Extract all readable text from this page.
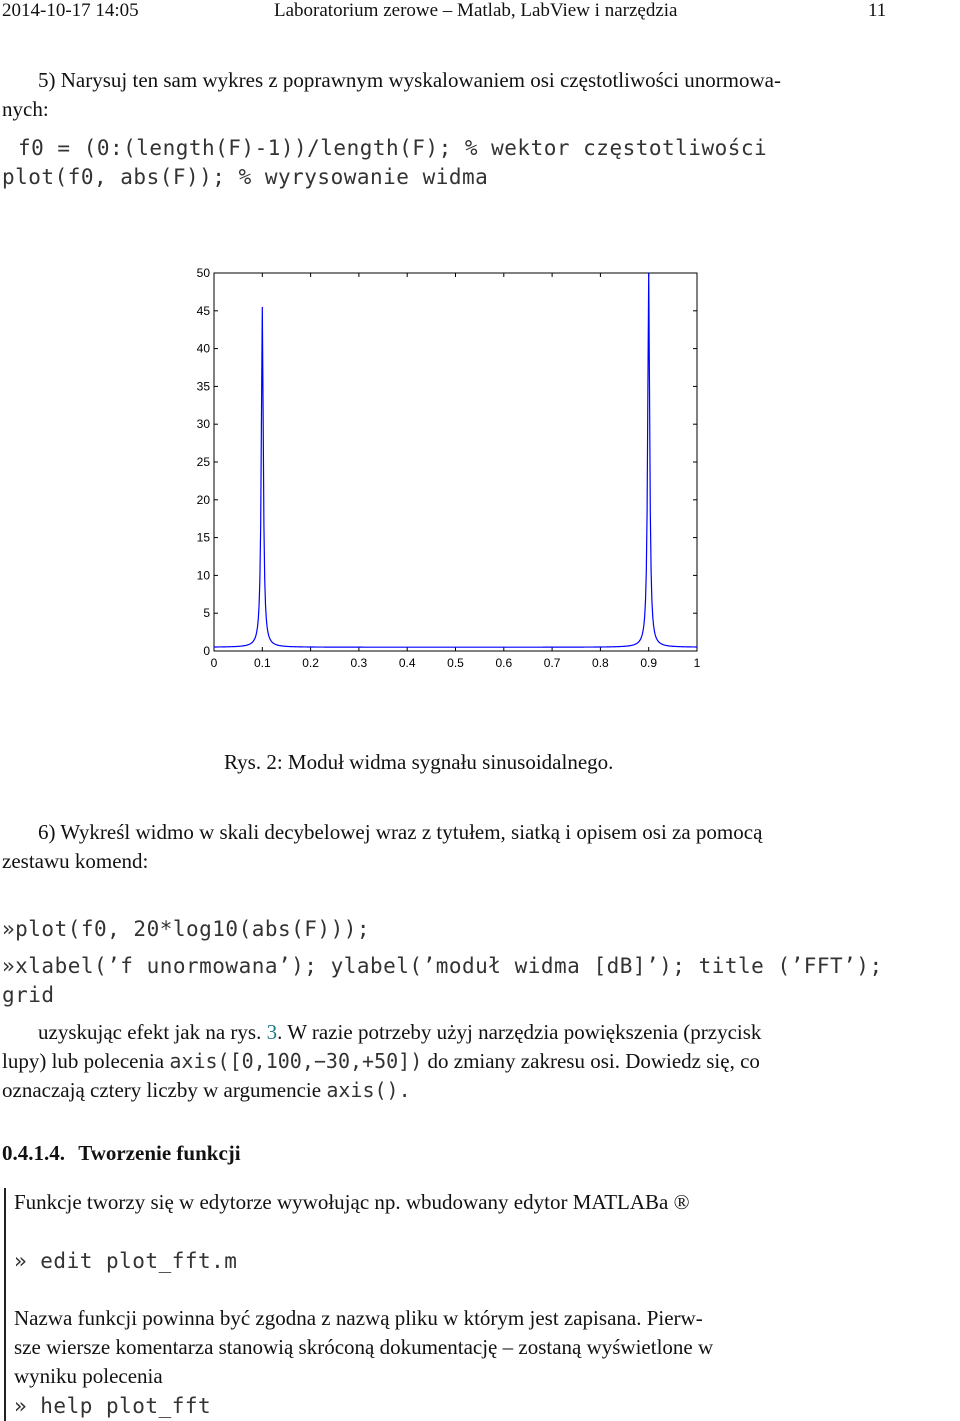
2014-10-17 14:05	Laboratorium zerowe – Matlab, LabView i narzędzia	11
5) Narysuj ten sam wykres z poprawnym wyskalowaniem osi częstotliwości unormowa-
nych:
f0 = (0:(length(F)-1))/length(F); % wektor częstotliwości
plot(f0, abs(F)); % wyrysowanie widma
0
5
10
15
20
25
30
35
40
45
50
0	0.1	0.2	0.3	0.4	0.5	0.6	0.7	0.8	0.9	1
Rys. 2: Moduł widma sygnału sinusoidalnego.
6) Wykreśl widmo w skali decybelowej wraz z tytułem, siatką i opisem osi za pomocą
zestawu komend:
»plot(f0, 20*log10(abs(F)));
»xlabel(’f unormowana’); ylabel(’moduł widma [dB]’); title (’FFT’);
grid
uzyskując efekt jak na rys. 3. W razie potrzeby użyj narzędzia powiększenia (przycisk
lupy) lub polecenia axis([0,100,−30,+50]) do zmiany zakresu osi. Dowiedz się, co
oznaczają cztery liczby w argumencie axis().
0.4.1.4. Tworzenie funkcji
Funkcje tworzy się w edytorze wywołując np. wbudowany edytor MATLABa ®
» edit plot_fft.m
Nazwa funkcji powinna być zgodna z nazwą pliku w którym jest zapisana. Pierw-
sze wiersze komentarza stanowią skróconą dokumentację – zostaną wyświetlone w
wyniku polecenia
» help plot_fft
